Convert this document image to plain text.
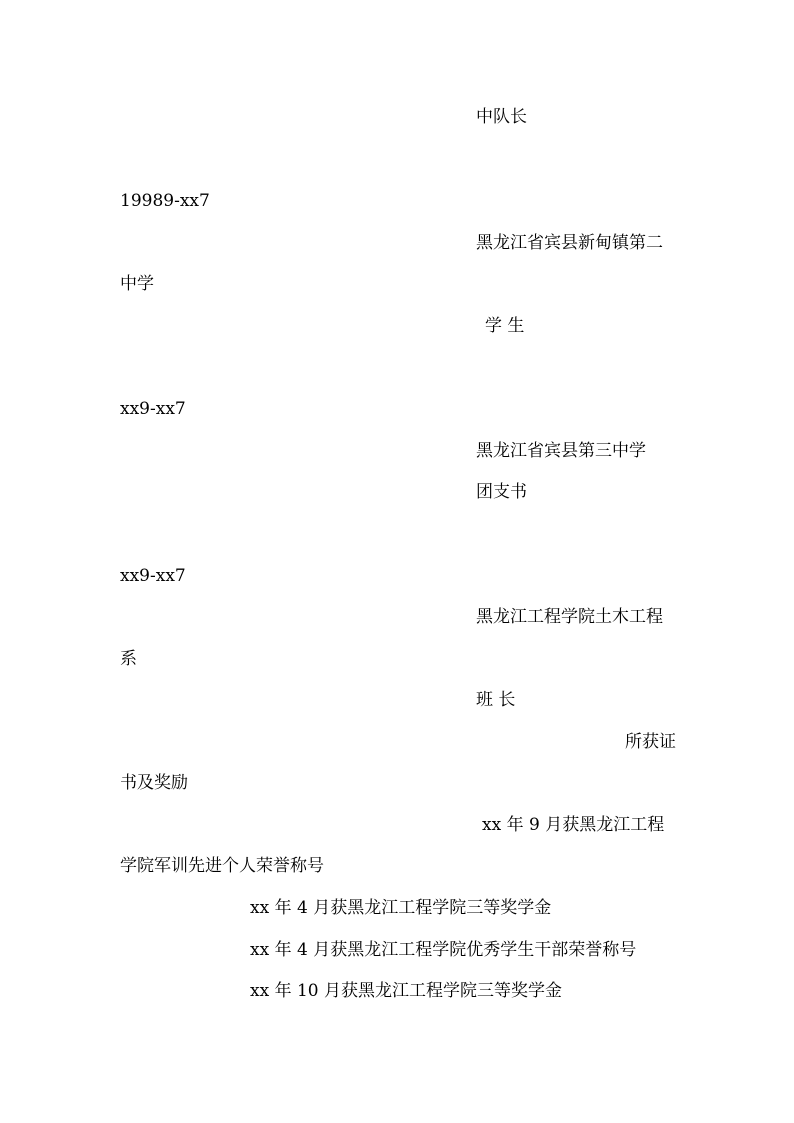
中队长
19989-xx7
黑龙江省宾县新甸镇第二
中学
学 生
xx9-xx7
黑龙江省宾县第三中学
团支书
xx9-xx7
黑龙江工程学院土木工程
系
班 长
所获证
书及奖励
xx 年 9 月获黑龙江工程
学院军训先进个人荣誉称号
xx 年 4 月获黑龙江工程学院三等奖学金
xx 年 4 月获黑龙江工程学院优秀学生干部荣誉称号
xx 年 10 月获黑龙江工程学院三等奖学金
